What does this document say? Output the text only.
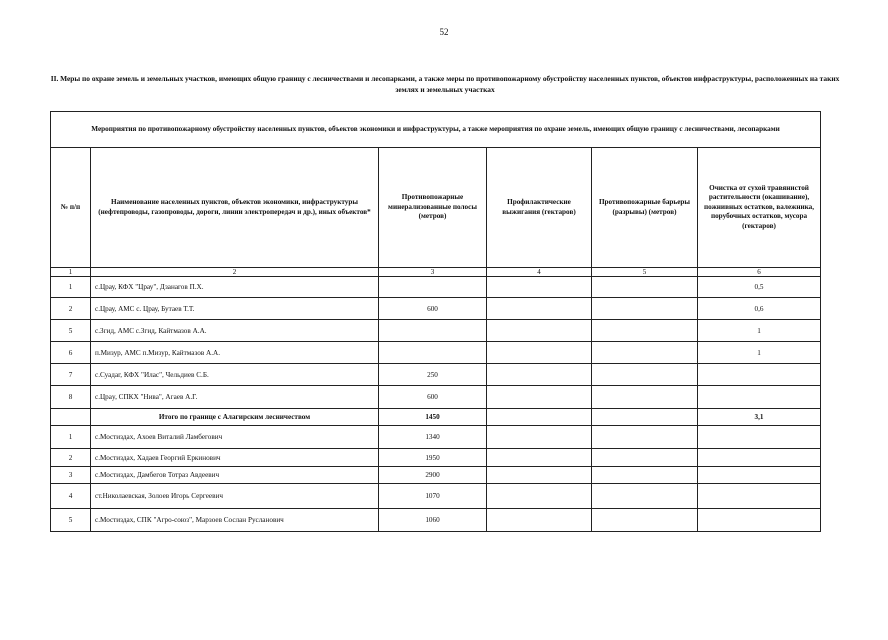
52
II. Меры по охране земель и земельных участков, имеющих общую границу с лесничествами и лесопарками, а также меры по противопожарному обустройству населенных пунктов, объектов инфраструктуры, расположенных на таких землях и земельных участках
Мероприятия по противопожарному обустройству населенных пунктов, объектов экономики и инфраструктуры, а также мероприятия по охране земель, имеющих общую границу с лесничествами, лесопарками					
№ п/п	Наименование населенных пунктов, объектов экономики, инфраструктуры (нефтепроводы, газопроводы, дороги, линии электропередач и др.), иных объектов*	Противопожарные минерализованные полосы (метров)	Профилактические выжигания (гектаров)	Противопожарные барьеры (разрывы) (метров)	Очистка от сухой травянистой растительности (окашивание), пожнивных остатков, валежника, порубочных остатков, мусора (гектаров)
1	2	3	4	5	6
1	с.Црау, КФХ "Црау", Дзанагов П.Х.				0,5
2	с.Црау, АМС с. Црау, Бутаев Т.Т.	600			0,6
5	с.Згид, АМС с.Згид, Кайтмазов А.А.				1
6	п.Мизур, АМС п.Мизур, Кайтмазов А.А.				1
7	с.Суадаг, КФХ "Илас", Чельдиев С.Б.	250			
8	с.Цраy, СПКХ "Нива", Агаев А.Г.	600			
	Итого по границе с Алагирским лесничеством	1450			3,1
1	с.Мостиздах, Ахоев Виталий Ламбегович	1340			
2	с.Мостиздах, Хадаев Георгий Еркинович	1950			
3	с.Мостиздах, Дамбегов Тотраз Авдеевич	2900			
4	ст.Николаевская, Золоев Игорь Сергеевич	1070			
5	с.Мостиздах, СПК "Агро-союз", Марзоев Сослан Русланович	1060			
